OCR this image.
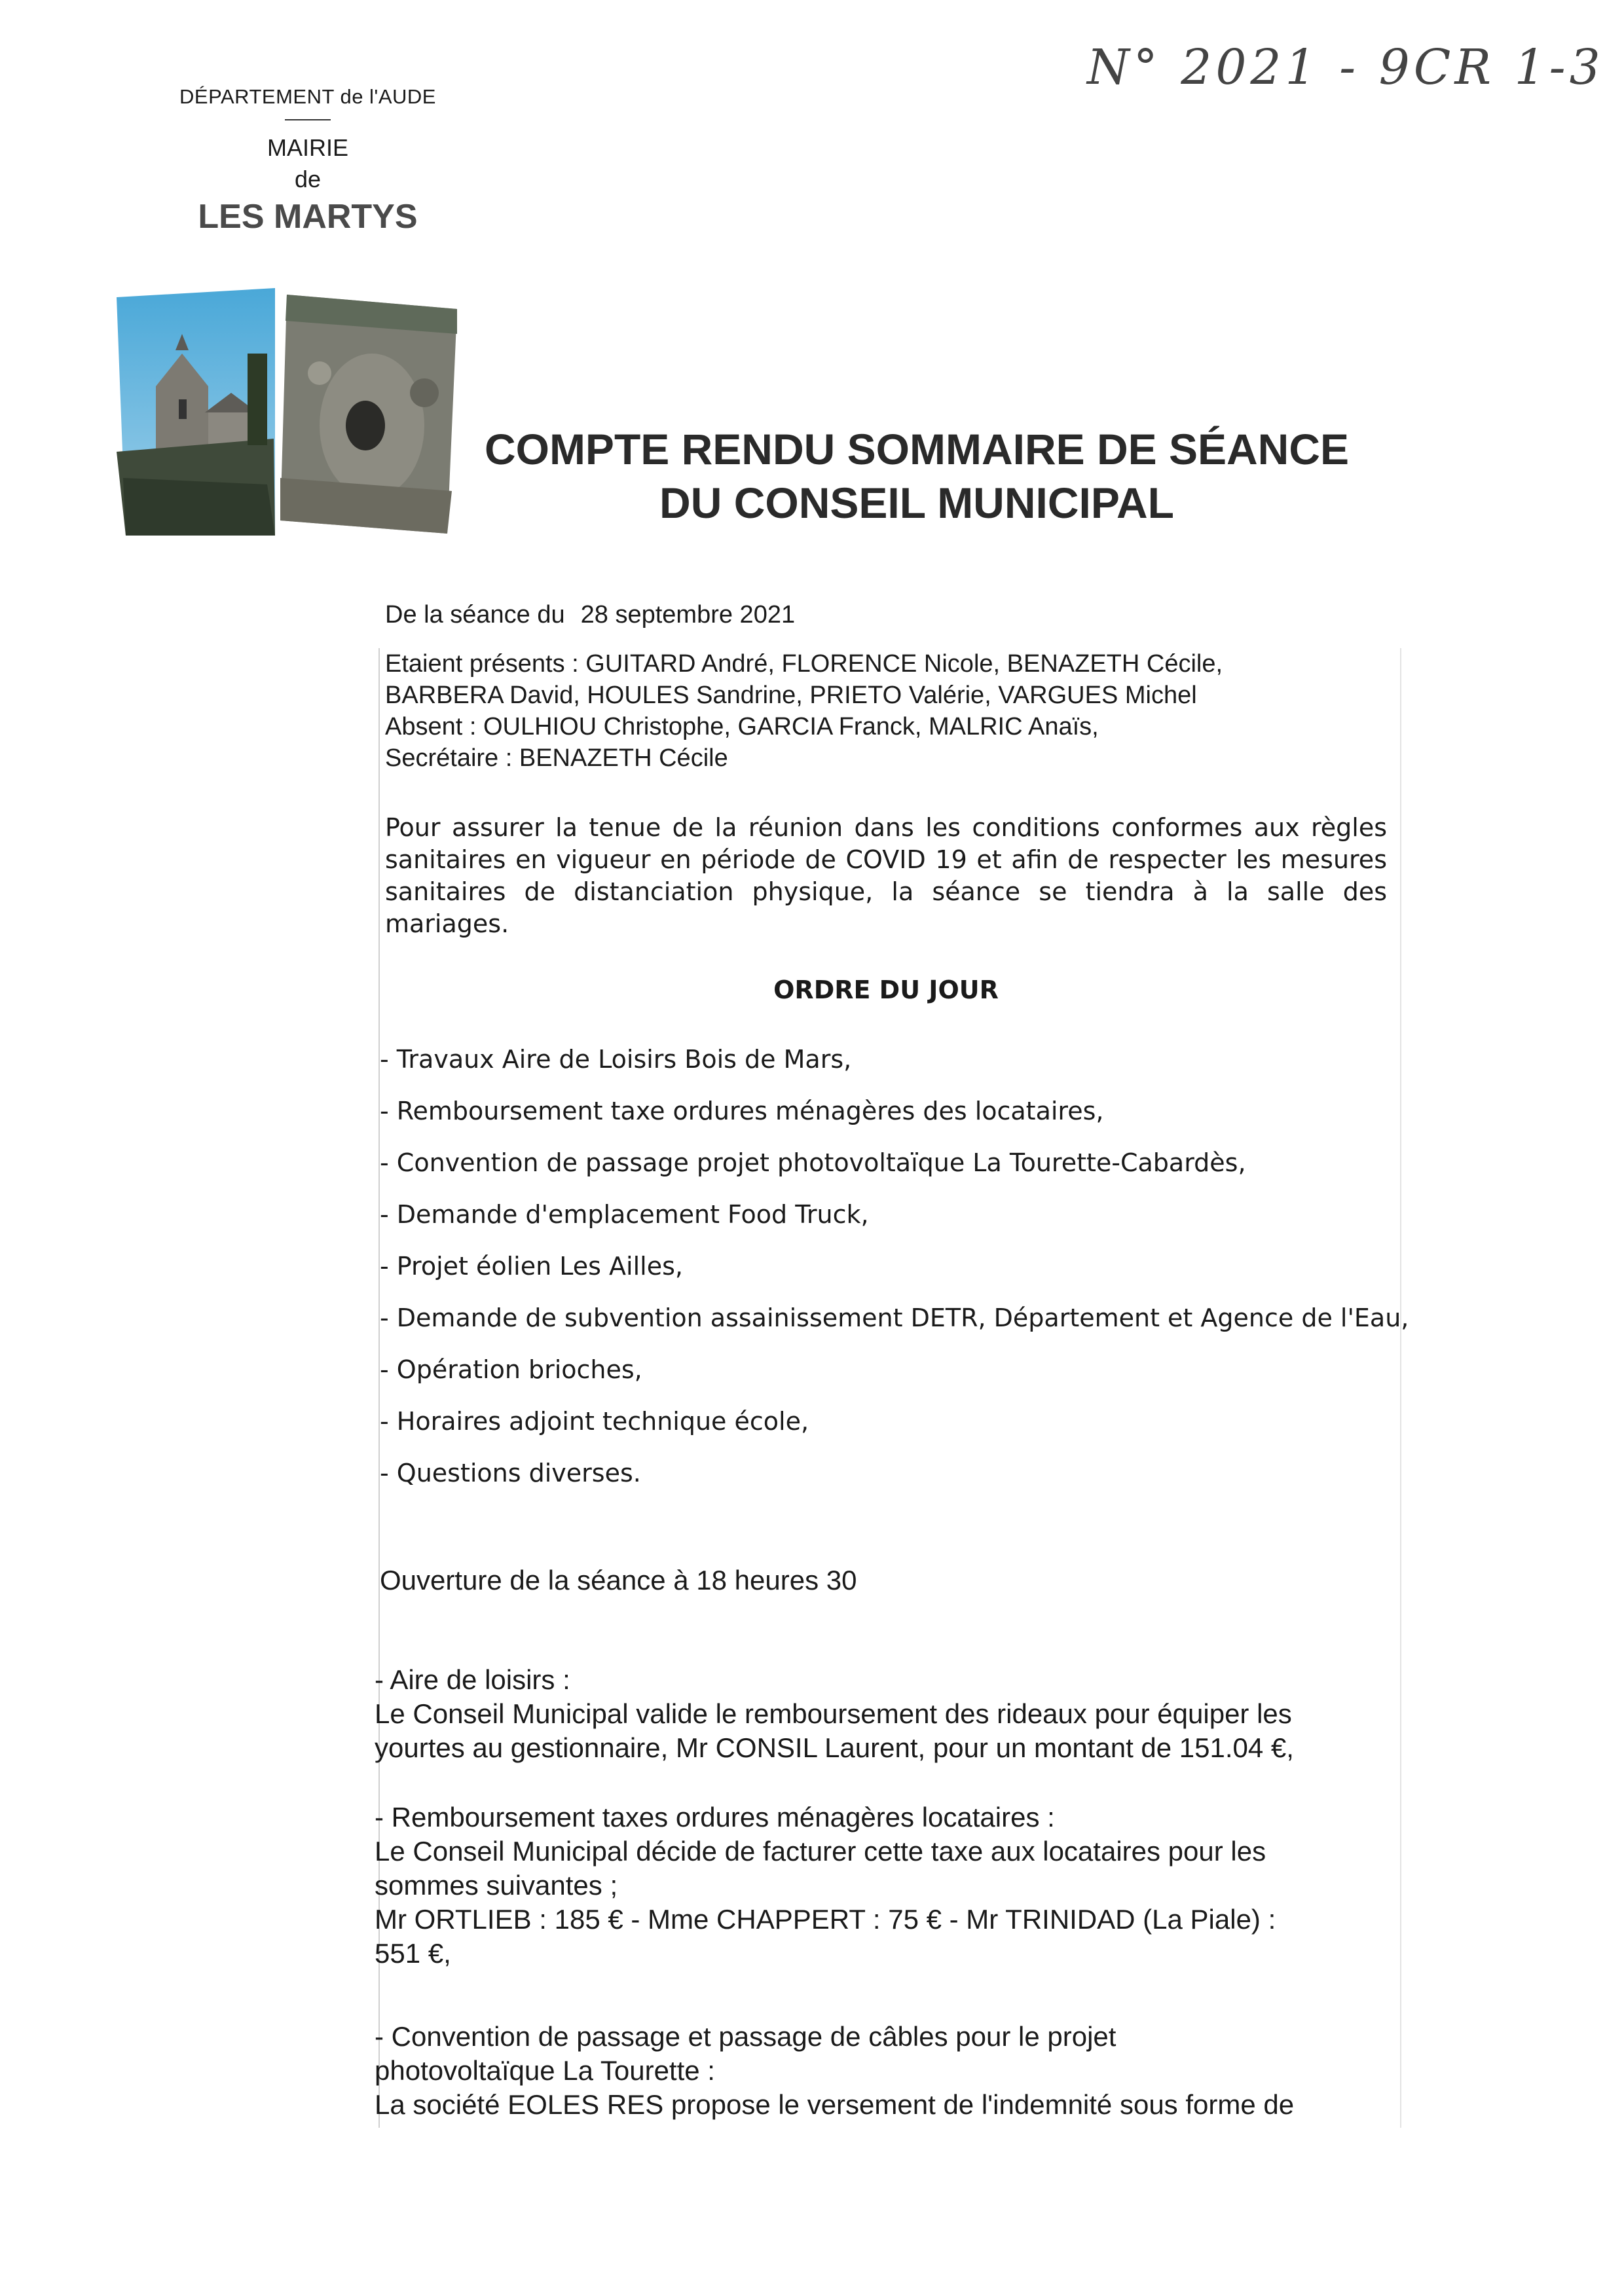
DÉPARTEMENT de l'AUDE
MAIRIE
de
LES MARTYS
N° 2021 - 9CR 1-3
COMPTE RENDU SOMMAIRE DE SÉANCE
DU CONSEIL MUNICIPAL
De la séance du 28 septembre 2021
Etaient présents : GUITARD André, FLORENCE Nicole, BENAZETH Cécile,
BARBERA David, HOULES Sandrine, PRIETO Valérie, VARGUES Michel
Absent : OULHIOU Christophe, GARCIA Franck, MALRIC Anaïs,
Secrétaire : BENAZETH Cécile
Pour assurer la tenue de la réunion dans les conditions conformes aux règles sanitaires en vigueur en période de COVID 19 et afin de respecter les mesures sanitaires de distanciation physique, la séance se tiendra à la salle des mariages.
ORDRE DU JOUR
- Travaux Aire de Loisirs Bois de Mars,
- Remboursement taxe ordures ménagères des locataires,
- Convention de passage projet photovoltaïque La Tourette-Cabardès,
- Demande d'emplacement Food Truck,
- Projet éolien Les Ailles,
- Demande de subvention assainissement DETR, Département et Agence de l'Eau,
- Opération brioches,
- Horaires adjoint technique école,
- Questions diverses.
Ouverture de la séance à 18 heures 30
- Aire de loisirs :
Le Conseil Municipal valide le remboursement des rideaux pour équiper les
yourtes au gestionnaire, Mr CONSIL Laurent, pour un montant de 151.04 €,
- Remboursement taxes ordures ménagères locataires :
Le Conseil Municipal décide de facturer cette taxe aux locataires pour les
sommes suivantes ;
Mr ORTLIEB : 185 € - Mme CHAPPERT : 75 € - Mr TRINIDAD (La Piale) :
551 €,
- Convention de passage et passage de câbles pour le projet
photovoltaïque La Tourette :
La société EOLES RES propose le versement de l'indemnité sous forme de
